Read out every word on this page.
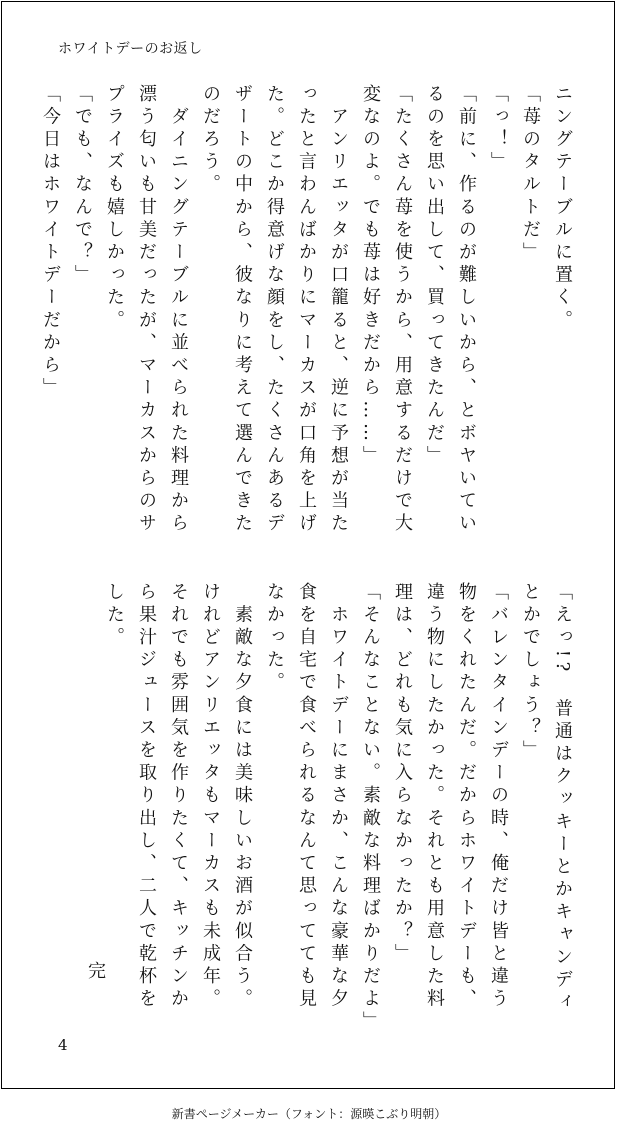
ホワイトデーのお返し

ニングテーブルに置く。

「苺のタルトだ」

「っ！」

「前に、作るのが難しいから、とボヤいているのを思い出して、買ってきたんだ」

「たくさん苺を使うから、用意するだけで大変なのよ。でも苺は好きだから……」

　アンリエッタが口籠ると、逆に予想が当たったと言わんばかりにマーカスが口角を上げた。どこか得意げな顔をし、たくさんあるデザートの中から、彼なりに考えて選んできたのだろう。

　ダイニングテーブルに並べられた料理から漂う匂いも甘美だったが、マーカスからのサプライズも嬉しかった。

「でも、なんで？」

「今日はホワイトデーだから」

「えっ!?　普通はクッキーとかキャンディとかでしょう？」

「バレンタインデーの時、俺だけ皆と違う物をくれたんだ。だからホワイトデーも、違う物にしたかった。それとも用意した料理は、どれも気に入らなかったか？」

「そんなことない。素敵な料理ばかりだよ」

　ホワイトデーにまさか、こんな豪華な夕食を自宅で食べられるなんて思ってても見なかった。

　素敵な夕食には美味しいお酒が似合う。けれどアンリエッタもマーカスも未成年。それでも雰囲気を作りたくて、キッチンから果汁ジュースを取り出し、二人で乾杯をした。

完
4
新書ページメーカー（フォント：源暎こぶり明朝）
